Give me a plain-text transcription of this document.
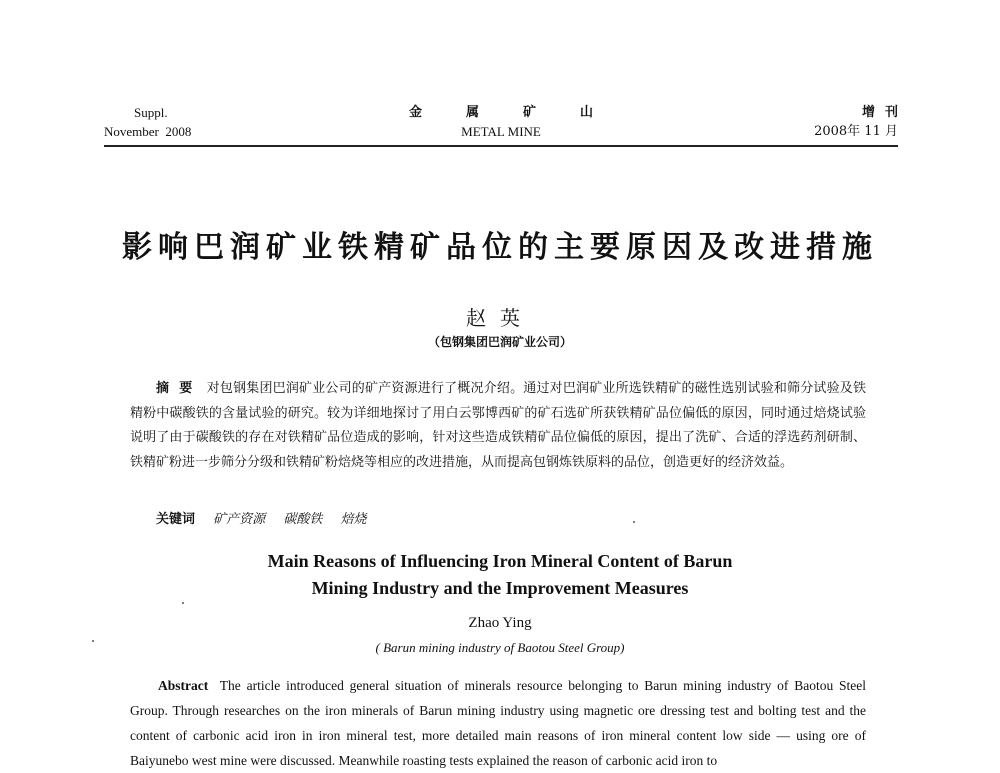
Suppl.
November  2008
金属矿山
METAL MINE
增刊
2008年 11 月
影响巴润矿业铁精矿品位的主要原因及改进措施
赵英
（包钢集团巴润矿业公司）
摘要 对包钢集团巴润矿业公司的矿产资源进行了概况介绍。通过对巴润矿业所选铁精矿的磁性选别试验和筛分试验及铁精粉中碳酸铁的含量试验的研究。较为详细地探讨了用白云鄂博西矿的矿石选矿所获铁精矿品位偏低的原因，同时通过焙烧试验说明了由于碳酸铁的存在对铁精矿品位造成的影响，针对这些造成铁精矿品位偏低的原因，提出了洗矿、合适的浮选药剂研制、铁精矿粉进一步筛分分级和铁精矿粉焙烧等相应的改进措施，从而提高包钢炼铁原料的品位，创造更好的经济效益。
关键词 矿产资源 碳酸铁 焙烧
Main Reasons of Influencing Iron Mineral Content of Barun
Mining Industry and the Improvement Measures
Zhao Ying
( Barun mining industry of Baotou Steel Group)
Abstract The article introduced general situation of minerals resource belonging to Barun mining industry of Baotou Steel Group. Through researches on the iron minerals of Barun mining industry using magnetic ore dressing test and bolting test and the content of carbonic acid iron in iron mineral test, more detailed main reasons of iron mineral content low side — using ore of Baiyunebo west mine were discussed. Meanwhile roasting tests explained the reason of carbonic acid iron to
